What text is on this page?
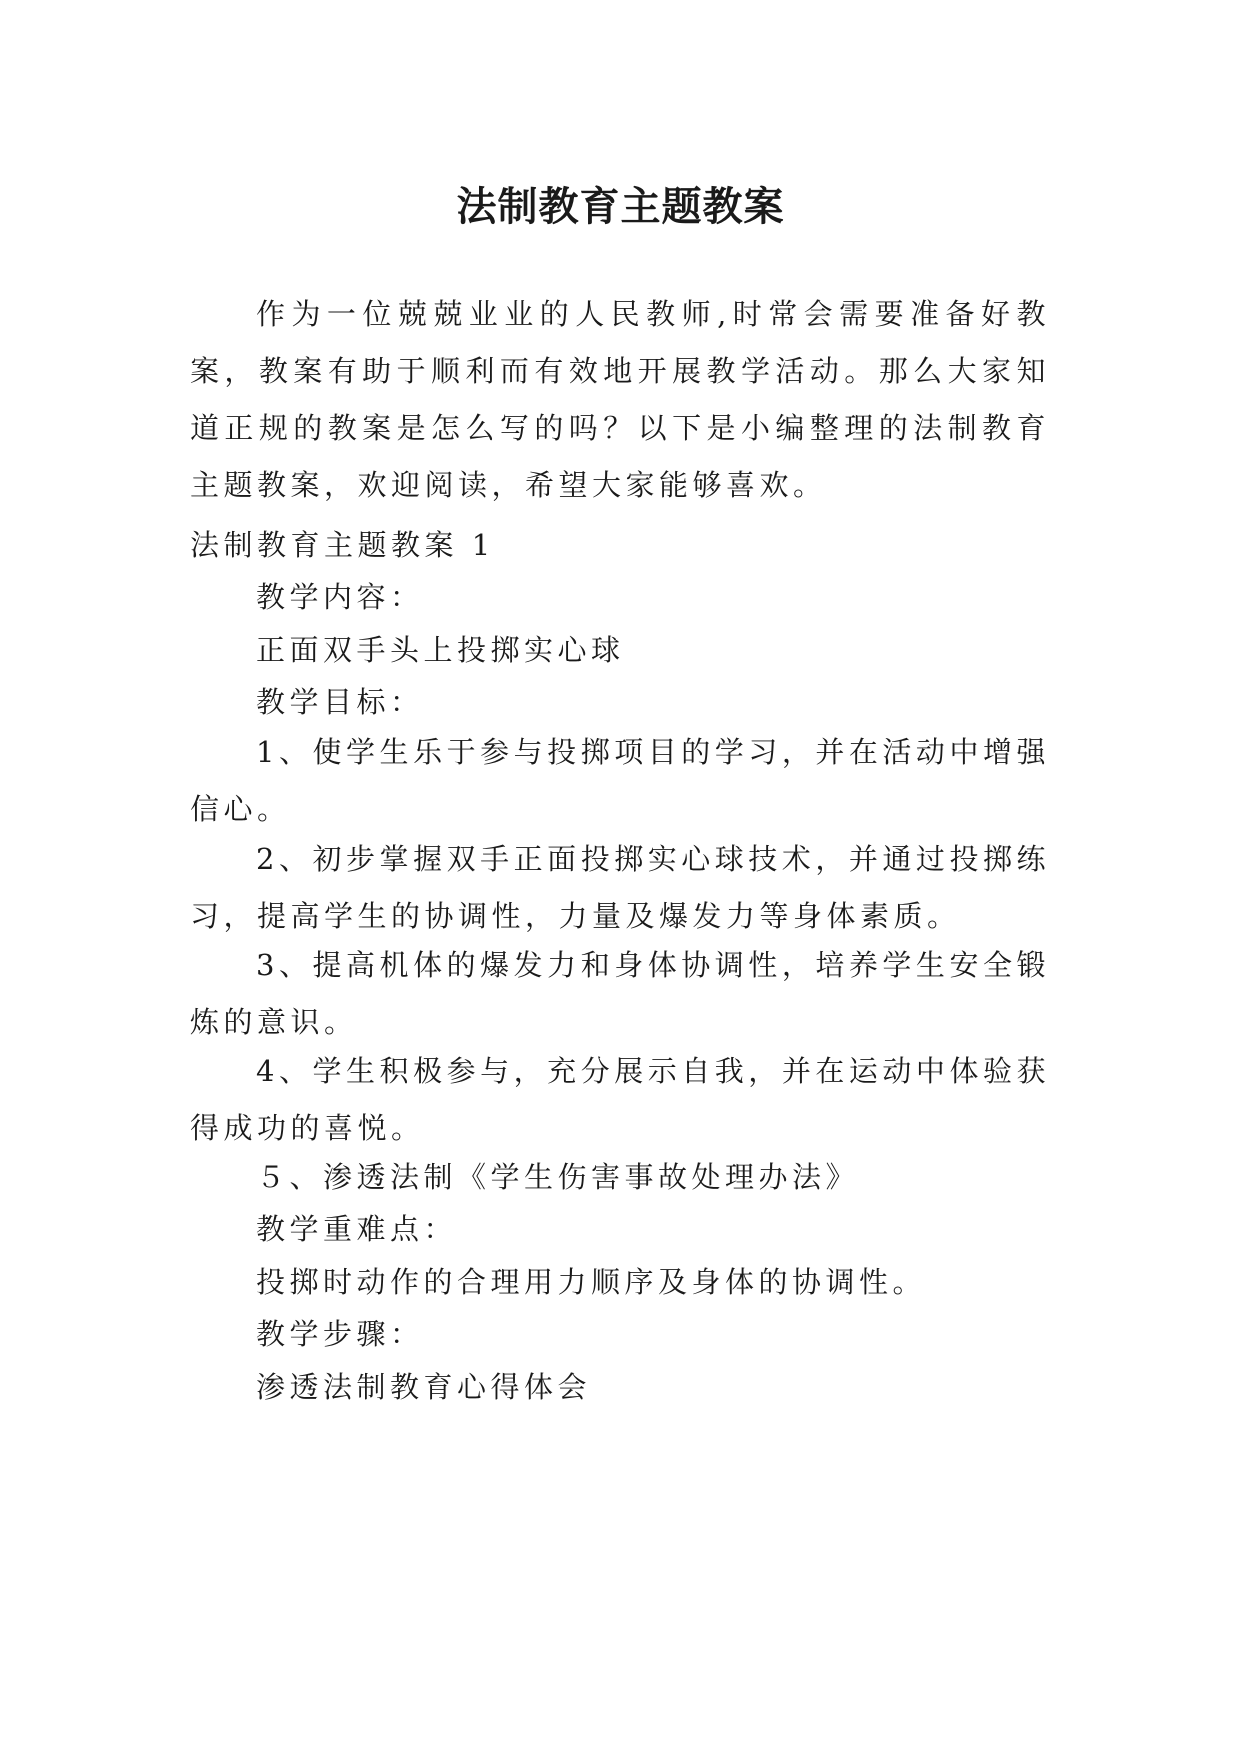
法制教育主题教案

作为一位兢兢业业的人民教师,时常会需要准备好教案，教案有助于顺利而有效地开展教学活动。那么大家知道正规的教案是怎么写的吗？以下是小编整理的法制教育主题教案，欢迎阅读，希望大家能够喜欢。

法制教育主题教案 1

教学内容：

正面双手头上投掷实心球

教学目标：

1、使学生乐于参与投掷项目的学习，并在活动中增强信心。

2、初步掌握双手正面投掷实心球技术，并通过投掷练习，提高学生的协调性，力量及爆发力等身体素质。

3、提高机体的爆发力和身体协调性，培养学生安全锻炼的意识。

4、学生积极参与，充分展示自我，并在运动中体验获得成功的喜悦。

５、渗透法制《学生伤害事故处理办法》

教学重难点：

投掷时动作的合理用力顺序及身体的协调性。

教学步骤：

渗透法制教育心得体会
